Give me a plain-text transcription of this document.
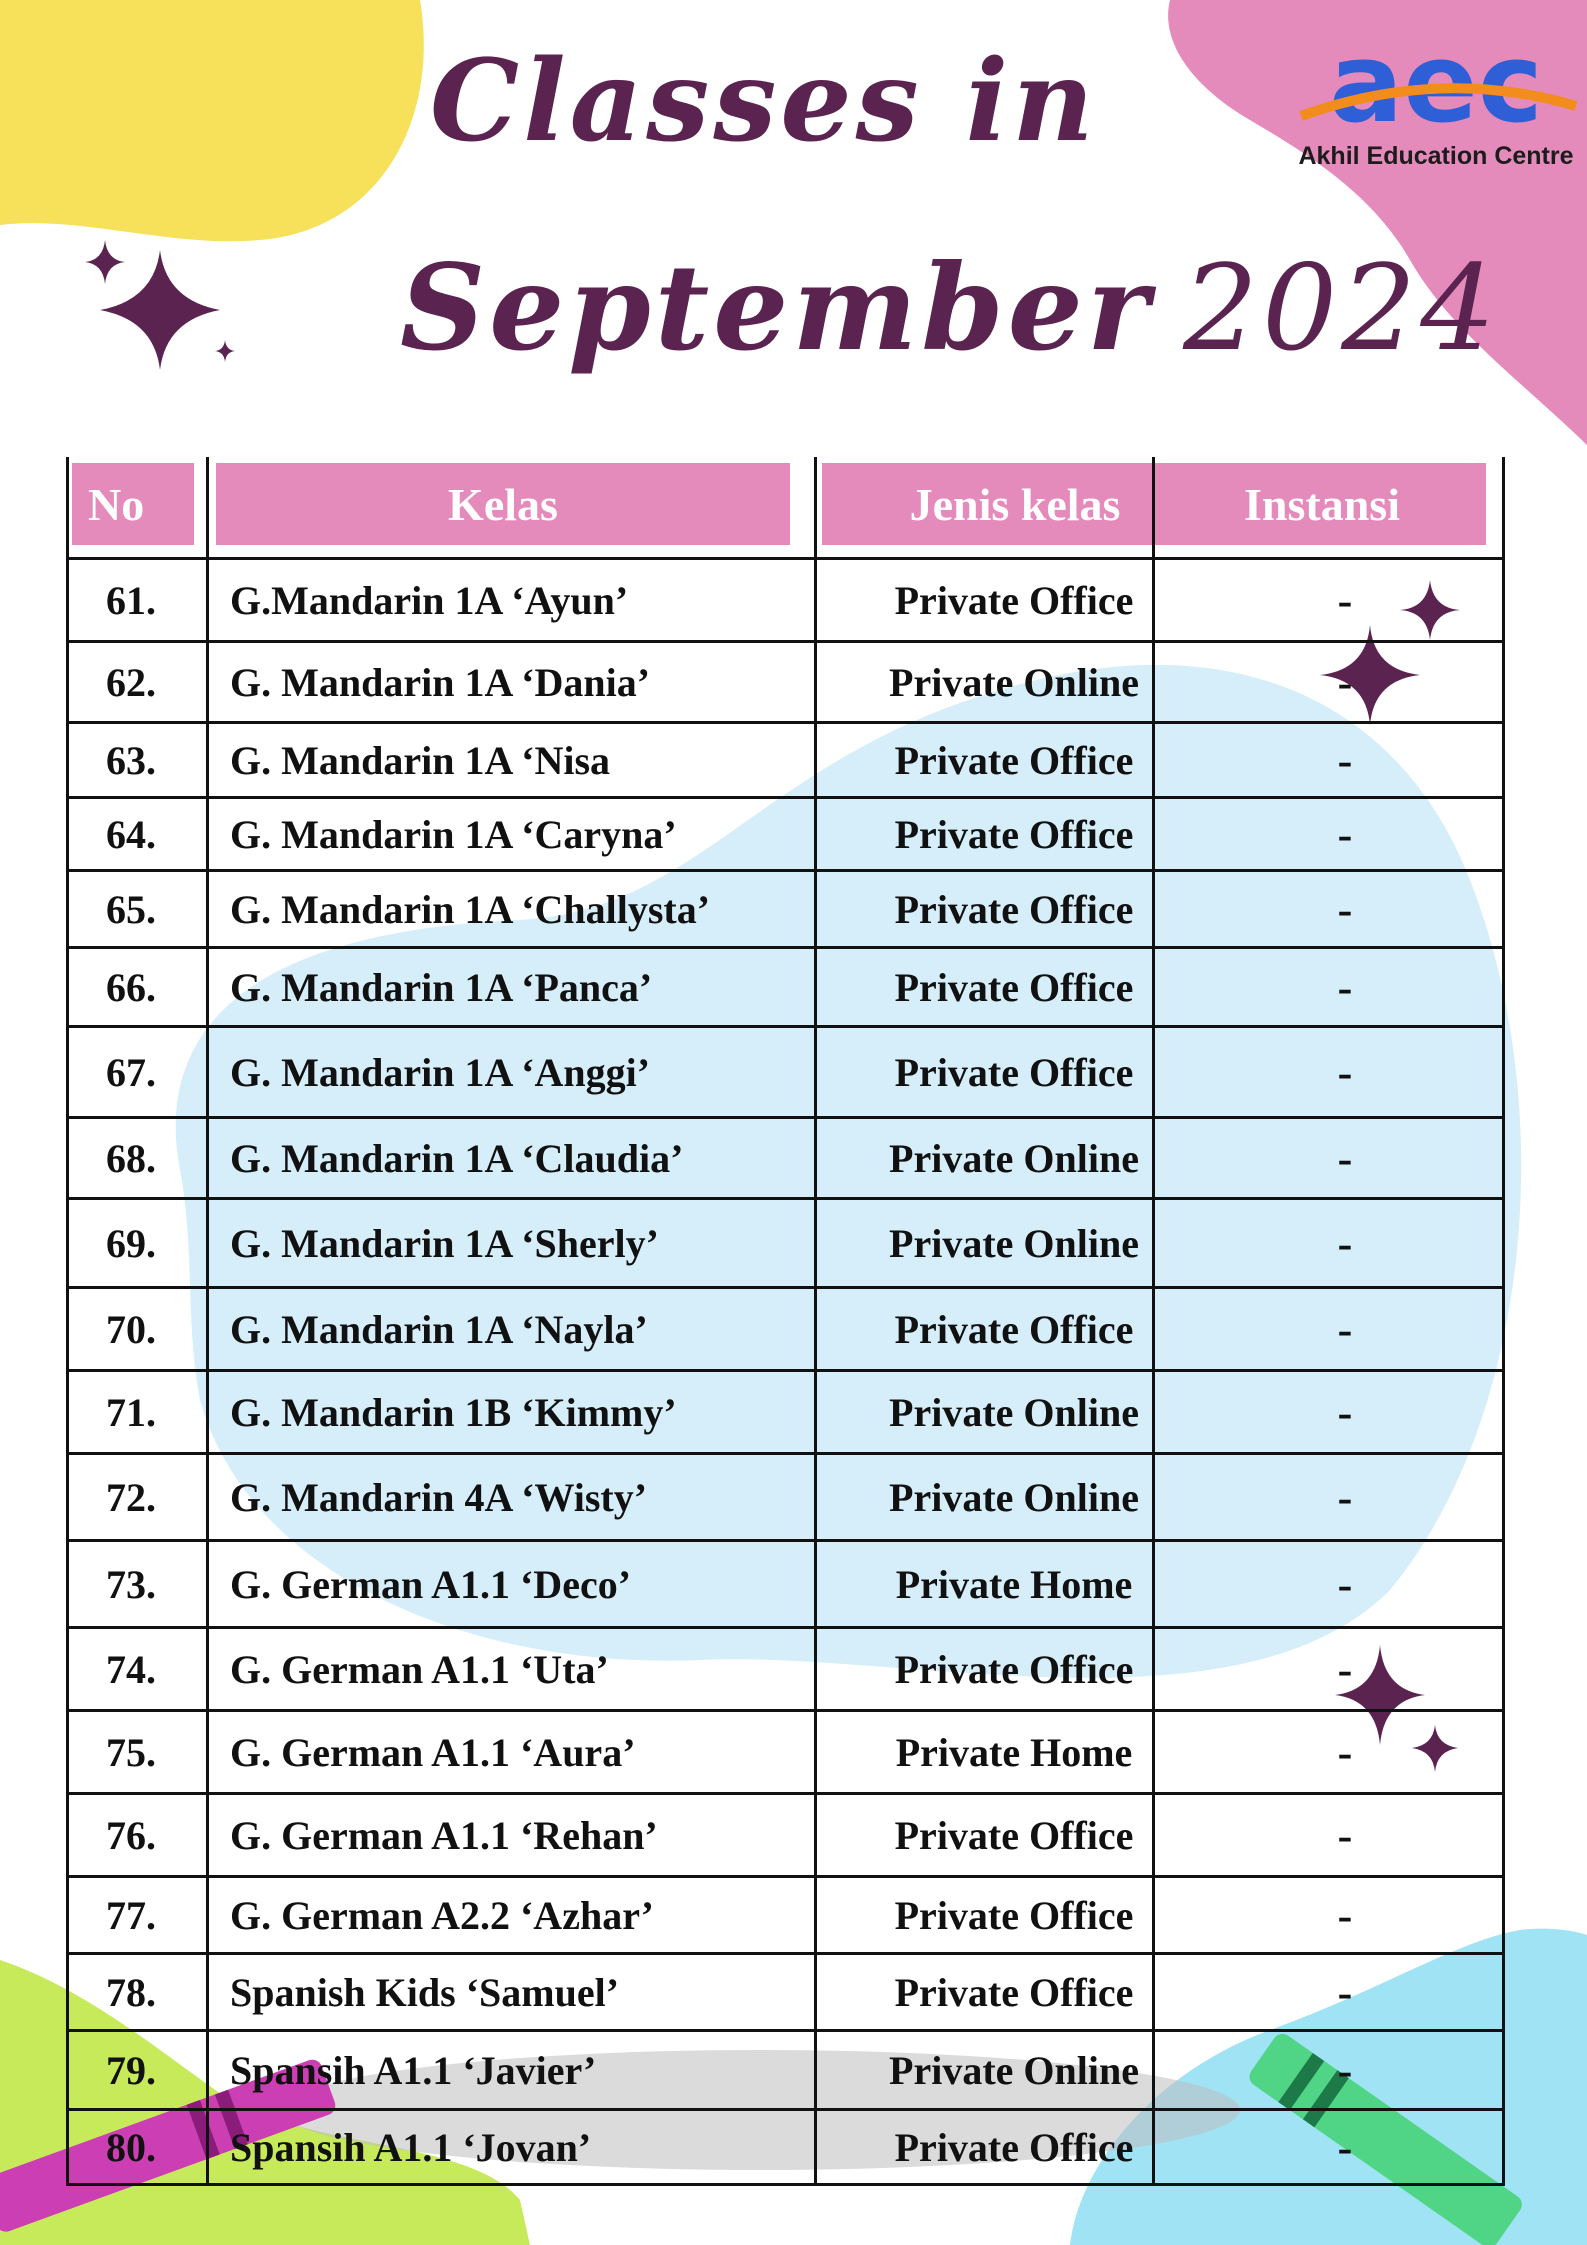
Classes in
September 2024
aec
Akhil Education Centre
No	Kelas	Jenis kelas	Instansi
61.	G.Mandarin 1A ‘Ayun’	Private Office	-
62.	G. Mandarin 1A ‘Dania’	Private Online	-
63.	G. Mandarin 1A ‘Nisa	Private Office	-
64.	G. Mandarin 1A ‘Caryna’	Private Office	-
65.	G. Mandarin 1A ‘Challysta’	Private Office	-
66.	G. Mandarin 1A ‘Panca’	Private Office	-
67.	G. Mandarin 1A ‘Anggi’	Private Office	-
68.	G. Mandarin 1A ‘Claudia’	Private Online	-
69.	G. Mandarin 1A ‘Sherly’	Private Online	-
70.	G. Mandarin 1A ‘Nayla’	Private Office	-
71.	G. Mandarin 1B ‘Kimmy’	Private Online	-
72.	G. Mandarin 4A ‘Wisty’	Private Online	-
73.	G. German A1.1 ‘Deco’	Private Home	-
74.	G. German A1.1 ‘Uta’	Private Office	-
75.	G. German A1.1 ‘Aura’	Private Home	-
76.	G. German A1.1 ‘Rehan’	Private Office	-
77.	G. German A2.2 ‘Azhar’	Private Office	-
78.	Spanish Kids ‘Samuel’	Private Office	-
79.	Spansih A1.1 ‘Javier’	Private Online	-
80.	Spansih A1.1 ‘Jovan’	Private Office	-
